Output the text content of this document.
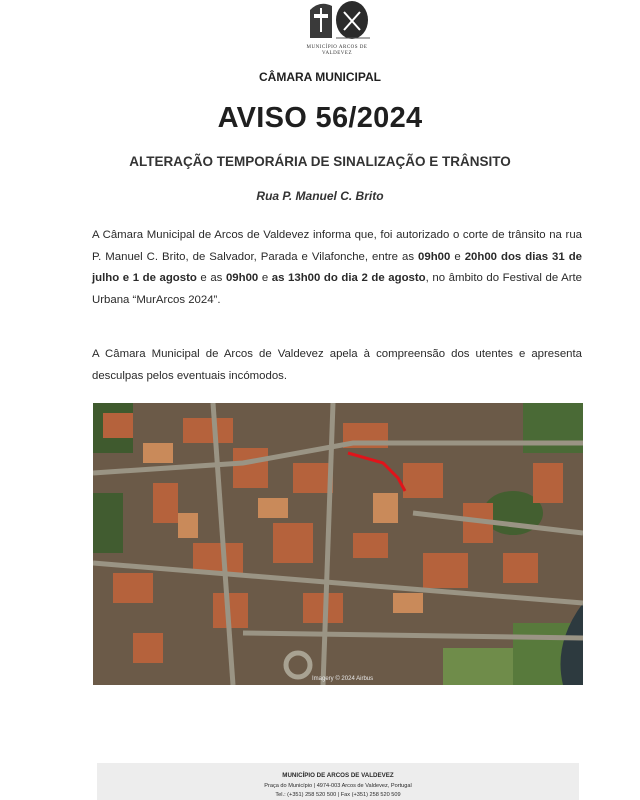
MUNICÍPIO ARCOS DE VALDEVEZ
CÂMARA MUNICIPAL
AVISO 56/2024
ALTERAÇÃO TEMPORÁRIA DE SINALIZAÇÃO E TRÂNSITO
Rua P. Manuel C. Brito
A Câmara Municipal de Arcos de Valdevez informa que, foi autorizado o corte de trânsito na rua P. Manuel C. Brito, de Salvador, Parada e Vilafonche, entre as 09h00 e 20h00 dos dias 31 de julho e 1 de agosto e as 09h00 e as 13h00 do dia 2 de agosto, no âmbito do Festival de Arte Urbana “MurArcos 2024”.
A Câmara Municipal de Arcos de Valdevez apela à compreensão dos utentes e apresenta desculpas pelos eventuais incómodos.
Imagery © 2024 Airbus
MUNICÍPIO DE ARCOS DE VALDEVEZ
Praça do Município | 4974-003 Arcos de Valdevez, Portugal
Tel.: (+351) 258 520 500 | Fax (+351) 258 520 509
